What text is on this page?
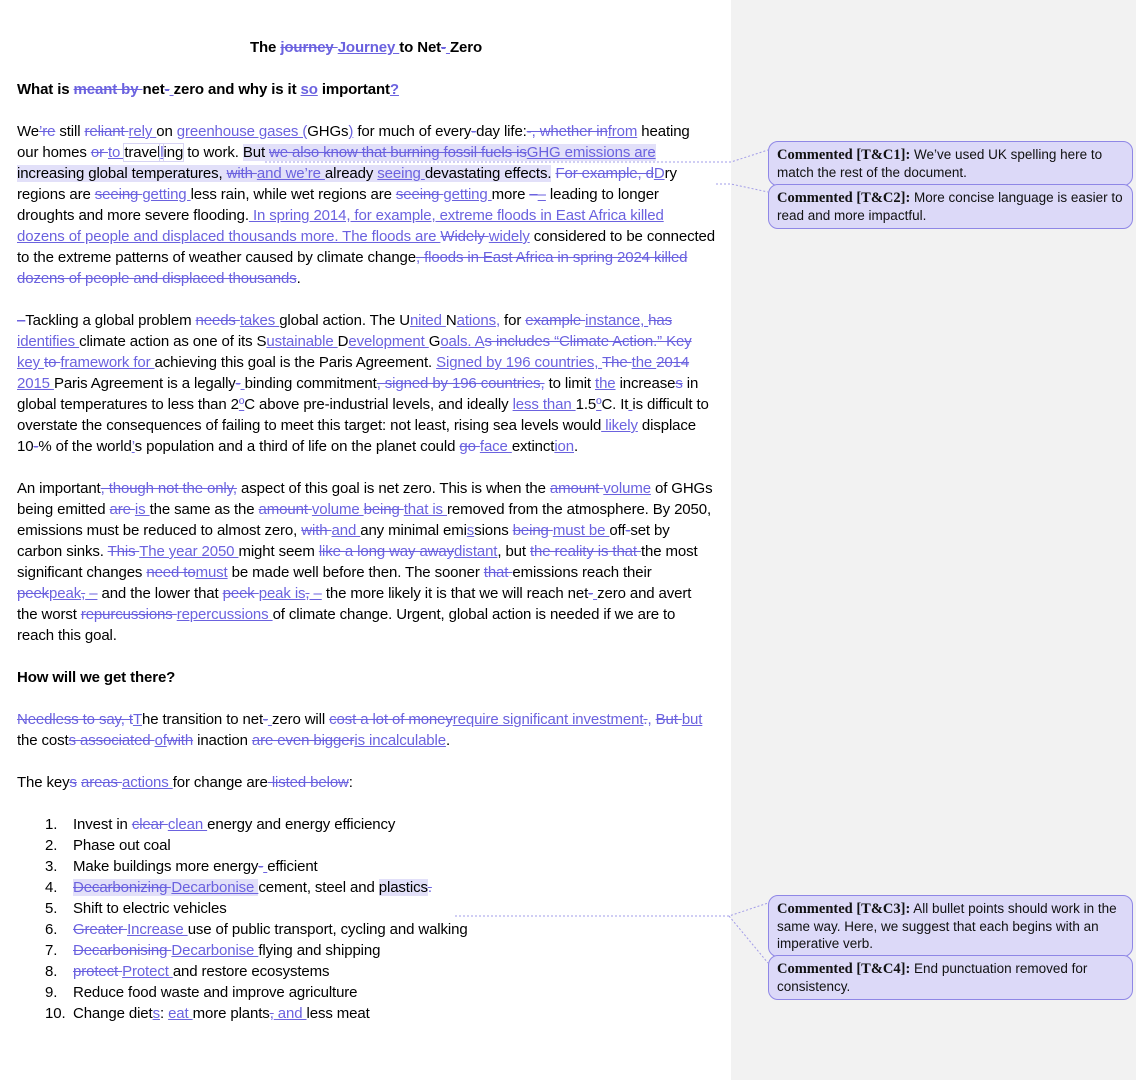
The journey Journey to Net- Zero
What is meant by net- zero and why is it so important?
We’re still reliant rely on greenhouse gases (GHGs) for much of every-day life:-, whether infrom heating our homes or to travelling to work. But we also know that burning fossil fuels isGHG emissions are increasing global temperatures, with and we’re already seeing devastating effects. For example, dDry regions are seeing getting less rain, while wet regions are seeing getting more –– leading to longer droughts and more severe flooding. In spring 2014, for example, extreme floods in East Africa killed dozens of people and displaced thousands more. The floods are Widely widely considered to be connected to the extreme patterns of weather caused by climate change, floods in East Africa in spring 2024 killed dozens of people and displaced thousands.
–Tackling a global problem needs takes global action. The United Nations, for example instance, has identifies climate action as one of its Sustainable Development Goals. As includes “Climate Action.” Key key to framework for achieving this goal is the Paris Agreement. Signed by 196 countries, The the 2014 2015 Paris Agreement is a legally- binding commitment, signed by 196 countries, to limit the increases in global temperatures to less than 2ºC above pre-industrial levels, and ideally less than 1.5ºC. It is difficult to overstate the consequences of failing to meet this target: not least, rising sea levels would likely displace 10-% of the world’s population and a third of life on the planet could go face extinction.
An important, though not the only, aspect of this goal is net zero. This is when the amount volume of GHGs being emitted are is the same as the amount volume being that is removed from the atmosphere. By 2050, emissions must be reduced to almost zero, with and any minimal emissions being must be off-set by carbon sinks. This The year 2050 might seem like a long way awaydistant, but the reality is that the most significant changes need tomust be made well before then. The sooner that emissions reach their peekpeak, – and the lower that peek peak is, – the more likely it is that we will reach net- zero and avert the worst repurcussions repercussions of climate change. Urgent, global action is needed if we are to reach this goal.
How will we get there?
Needless to say, tThe transition to net- zero will cost a lot of moneyrequire significant investment., But but the costs associated ofwith inaction are even biggeris incalculable.
The keys areas actions for change are listed below:
1. Invest in clear clean energy and energy efficiency
2. Phase out coal
3. Make buildings more energy- efficient
4. Decarbonizing Decarbonise cement, steel and plastics.
5. Shift to electric vehicles
6. Greater Increase use of public transport, cycling and walking
7. Decarbonising Decarbonise flying and shipping
8. protect Protect and restore ecosystems
9. Reduce food waste and improve agriculture
10. Change diets: eat more plants, and less meat
Commented [T&C1]: We’ve used UK spelling here to match the rest of the document.
Commented [T&C2]: More concise language is easier to read and more impactful.
Commented [T&C3]: All bullet points should work in the same way. Here, we suggest that each begins with an imperative verb.
Commented [T&C4]: End punctuation removed for consistency.
